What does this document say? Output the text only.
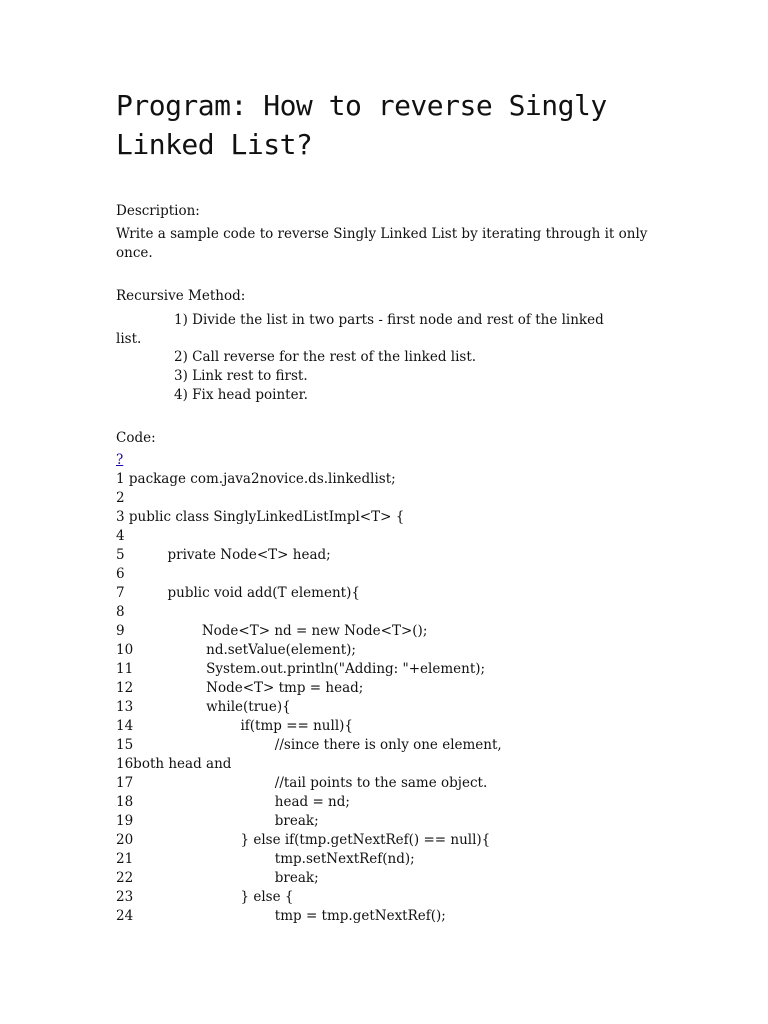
Program: How to reverse Singly
Linked List?
Description:
Write a sample code to reverse Singly Linked List by iterating through it only once.
Recursive Method:
1) Divide the list in two parts - first node and rest of the linked
list.
2) Call reverse for the rest of the linked list.
3) Link rest to first.
4) Fix head pointer.
Code:
?
1 package com.java2novice.ds.linkedlist;
2
3 public class SinglyLinkedListImpl<T> {
4
5          private Node<T> head;
6
7          public void add(T element){
8
9                  Node<T> nd = new Node<T>();
10                 nd.setValue(element);
11                 System.out.println("Adding: "+element);
12                 Node<T> tmp = head;
13                 while(true){
14                         if(tmp == null){
15                                 //since there is only one element,
16both head and
17                                 //tail points to the same object.
18                                 head = nd;
19                                 break;
20                         } else if(tmp.getNextRef() == null){
21                                 tmp.setNextRef(nd);
22                                 break;
23                         } else {
24                                 tmp = tmp.getNextRef();
